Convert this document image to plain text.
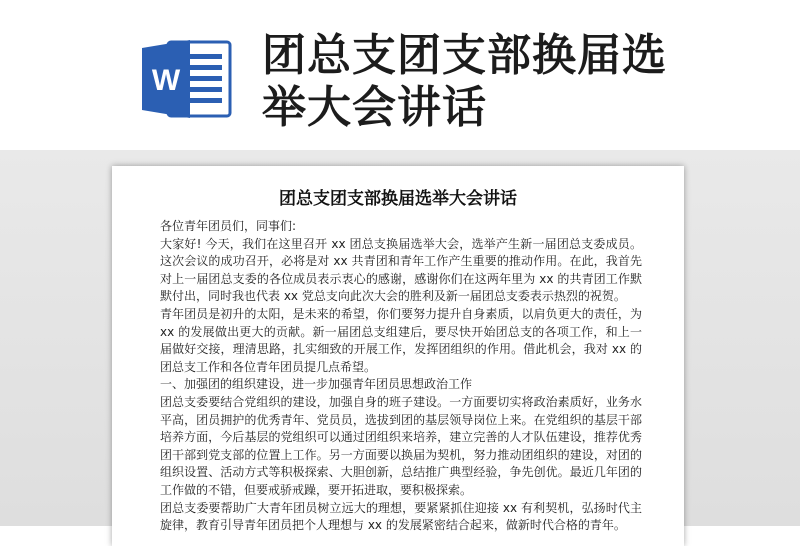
W 团总支团支部换届选举大会讲话
团总支团支部换届选举大会讲话

各位青年团员们，同事们:

大家好! 今天，我们在这里召开 xx 团总支换届选举大会，选举产生新一届团总支委成员。这次会议的成功召开，必将是对 xx 共青团和青年工作产生重要的推动作用。在此，我首先对上一届团总支委的各位成员表示衷心的感谢，感谢你们在这两年里为 xx 的共青团工作默默付出，同时我也代表 xx 党总支向此次大会的胜利及新一届团总支委表示热烈的祝贺。

青年团员是初升的太阳，是未来的希望，你们要努力提升自身素质，以肩负更大的责任，为 xx 的发展做出更大的贡献。新一届团总支组建后，要尽快开始团总支的各项工作，和上一届做好交接，理清思路，扎实细致的开展工作，发挥团组织的作用。借此机会，我对 xx 的团总支工作和各位青年团员提几点希望。

一、加强团的组织建设，进一步加强青年团员思想政治工作

团总支委要结合党组织的建设，加强自身的班子建设。一方面要切实将政治素质好，业务水平高，团员拥护的优秀青年、党员员，选拔到团的基层领导岗位上来。在党组织的基层干部培养方面，今后基层的党组织可以通过团组织来培养，建立完善的人才队伍建设，推荐优秀团干部到党支部的位置上工作。另一方面要以换届为契机，努力推动团组织的建设，对团的组织设置、活动方式等积极探索、大胆创新，总结推广典型经验，争先创优。最近几年团的工作做的不错，但要戒骄戒躁，要开拓进取，要积极探索。

团总支委要帮助广大青年团员树立远大的理想，要紧紧抓住迎接 xx 有利契机，弘扬时代主旋律，教育引导青年团员把个人理想与 xx 的发展紧密结合起来，做新时代合格的青年。
